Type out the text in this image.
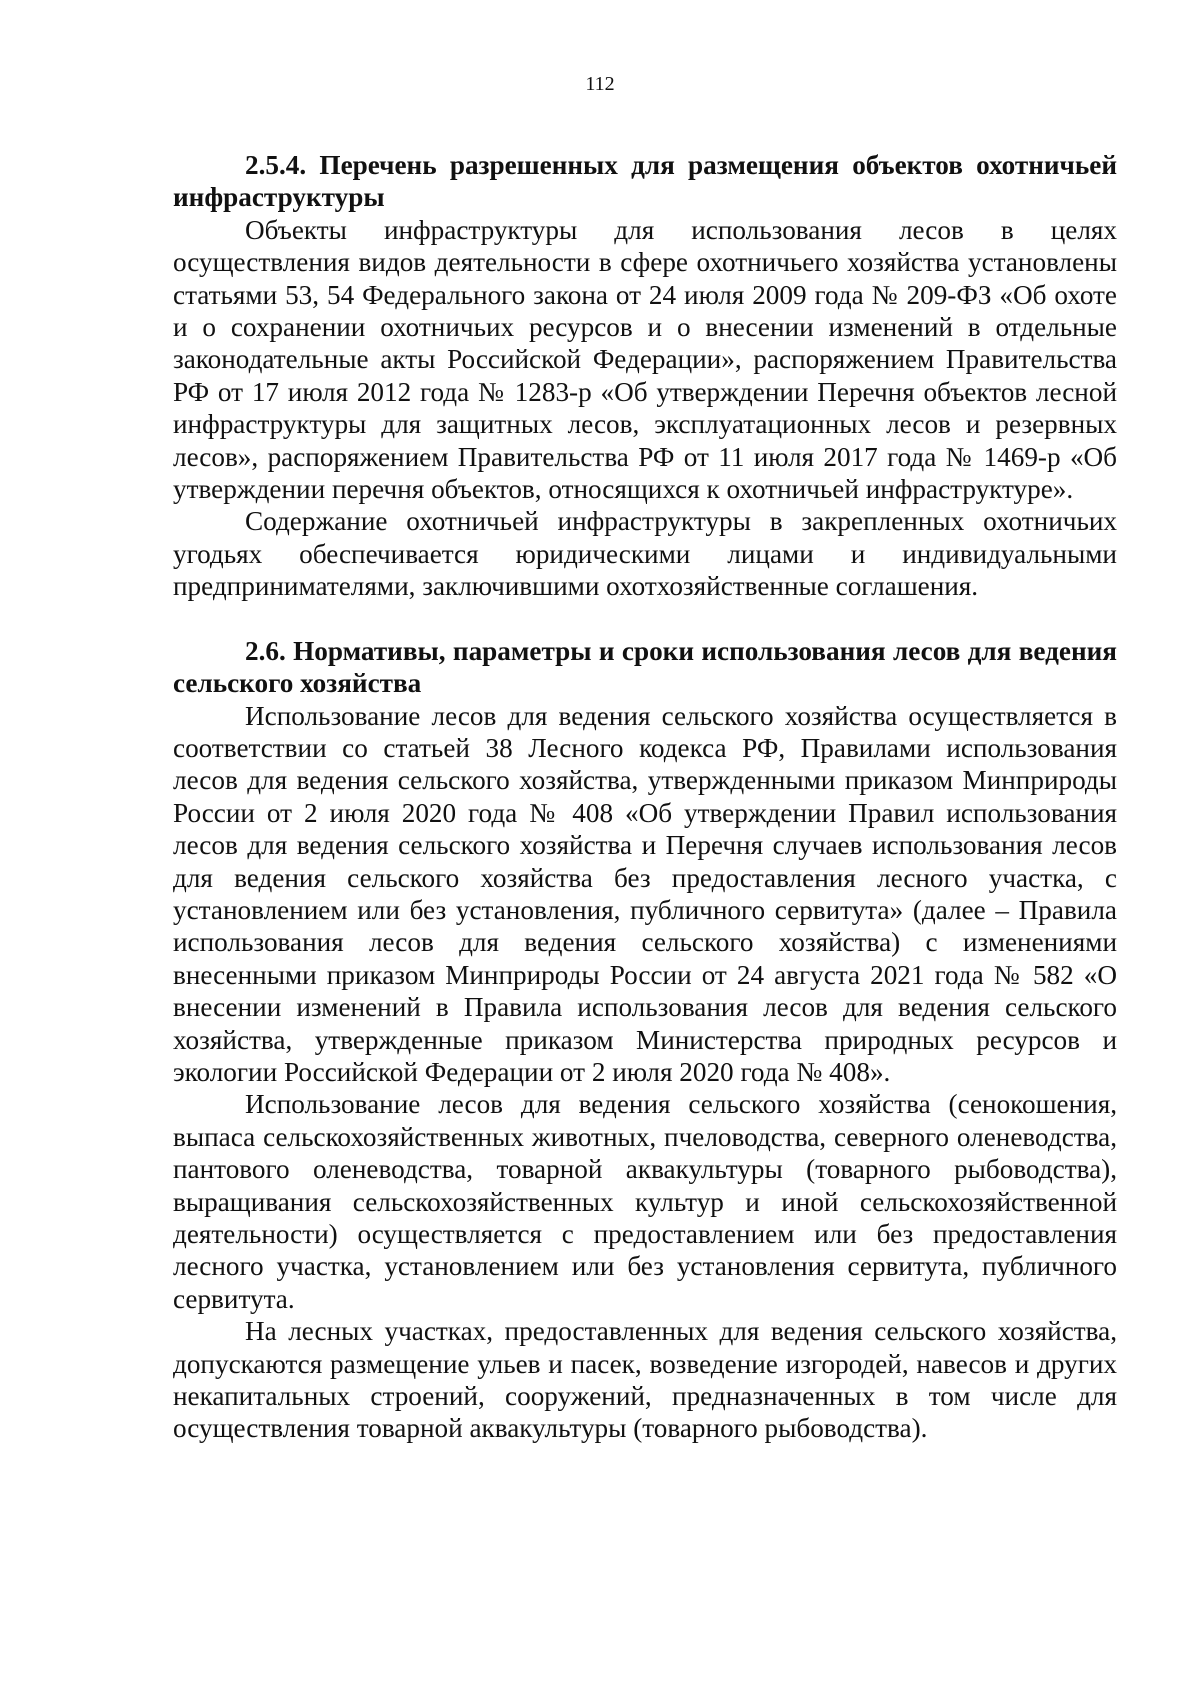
112

2.5.4. Перечень разрешенных для размещения объектов охотничьей инфраструктуры

Объекты инфраструктуры для использования лесов в целях осуществления видов деятельности в сфере охотничьего хозяйства установлены статьями 53, 54 Федерального закона от 24 июля 2009 года № 209-ФЗ «Об охоте и о сохранении охотничьих ресурсов и о внесении изменений в отдельные законодательные акты Российской Федерации», распоряжением Правительства РФ от 17 июля 2012 года № 1283-р «Об утверждении Перечня объектов лесной инфраструктуры для защитных лесов, эксплуатационных лесов и резервных лесов», распоряжением Правительства РФ от 11 июля 2017 года № 1469-р «Об утверждении перечня объектов, относящихся к охотничьей инфраструктуре».

Содержание охотничьей инфраструктуры в закрепленных охотничьих угодьях обеспечивается юридическими лицами и индивидуальными предпринимателями, заключившими охотхозяйственные соглашения.

2.6. Нормативы, параметры и сроки использования лесов для ведения сельского хозяйства

Использование лесов для ведения сельского хозяйства осуществляется в соответствии со статьей 38 Лесного кодекса РФ, Правилами использования лесов для ведения сельского хозяйства, утвержденными приказом Минприроды России от 2 июля 2020 года № 408 «Об утверждении Правил использования лесов для ведения сельского хозяйства и Перечня случаев использования лесов для ведения сельского хозяйства без предоставления лесного участка, с установлением или без установления, публичного сервитута» (далее – Правила использования лесов для ведения сельского хозяйства) с изменениями внесенными приказом Минприроды России от 24 августа 2021 года № 582 «О внесении изменений в Правила использования лесов для ведения сельского хозяйства, утвержденные приказом Министерства природных ресурсов и экологии Российской Федерации от 2 июля 2020 года № 408».

Использование лесов для ведения сельского хозяйства (сенокошения, выпаса сельскохозяйственных животных, пчеловодства, северного оленеводства, пантового оленеводства, товарной аквакультуры (товарного рыбоводства), выращивания сельскохозяйственных культур и иной сельскохозяйственной деятельности) осуществляется с предоставлением или без предоставления лесного участка, установлением или без установления сервитута, публичного сервитута.

На лесных участках, предоставленных для ведения сельского хозяйства, допускаются размещение ульев и пасек, возведение изгородей, навесов и других некапитальных строений, сооружений, предназначенных в том числе для осуществления товарной аквакультуры (товарного рыбоводства).
